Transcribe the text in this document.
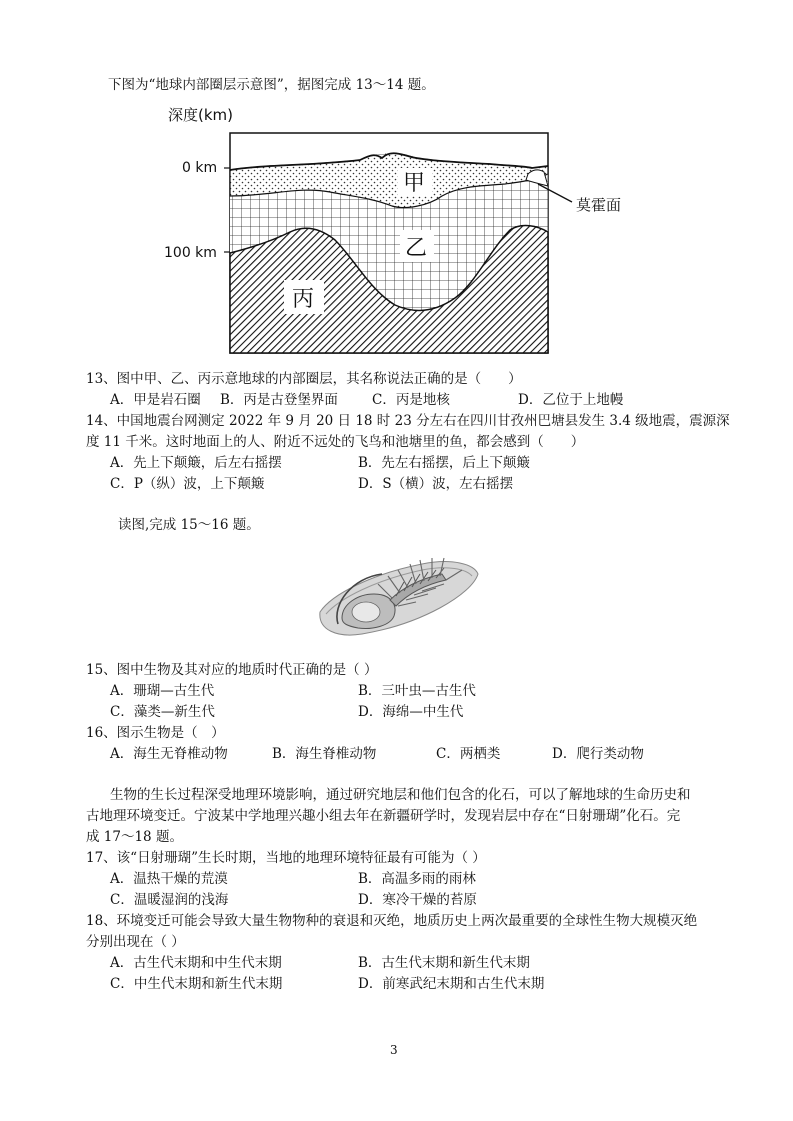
下图为“地球内部圈层示意图”，据图完成 13～14 题。
深度(km)
0 km
100 km
甲
乙
丙
莫霍面
13、图中甲、乙、丙示意地球的内部圈层，其名称说法正确的是（　　）
A．甲是岩石圈 B．丙是古登堡界面	C．丙是地核	D．乙位于上地幔
14、中国地震台网测定 2022 年 9 月 20 日 18 时 23 分左右在四川甘孜州巴塘县发生 3.4 级地震，震源深
度 11 千米。这时地面上的人、附近不远处的飞鸟和池塘里的鱼，都会感到（　　）
A．先上下颠簸，后左右摇摆	B．先左右摇摆，后上下颠簸
C．P（纵）波，上下颠簸	D．S（横）波，左右摇摆
读图,完成 15～16 题。
15、图中生物及其对应的地质时代正确的是（ ）
A．珊瑚—古生代	B．三叶虫—古生代
C．藻类—新生代	D．海绵—中生代
16、图示生物是（　）
A．海生无脊椎动物	B．海生脊椎动物	C．两栖类	D．爬行类动物
生物的生长过程深受地理环境影响，通过研究地层和他们包含的化石，可以了解地球的生命历史和
古地理环境变迁。宁波某中学地理兴趣小组去年在新疆研学时，发现岩层中存在“日射珊瑚”化石。完
成 17～18 题。
17、该“日射珊瑚”生长时期，当地的地理环境特征最有可能为（ ）
A．温热干燥的荒漠	B．高温多雨的雨林
C．温暖湿润的浅海	D．寒冷干燥的苔原
18、环境变迁可能会导致大量生物物种的衰退和灭绝，地质历史上两次最重要的全球性生物大规模灭绝
分别出现在（ ）
A．古生代末期和中生代末期	B．古生代末期和新生代末期
C．中生代末期和新生代末期	D．前寒武纪末期和古生代末期
3
